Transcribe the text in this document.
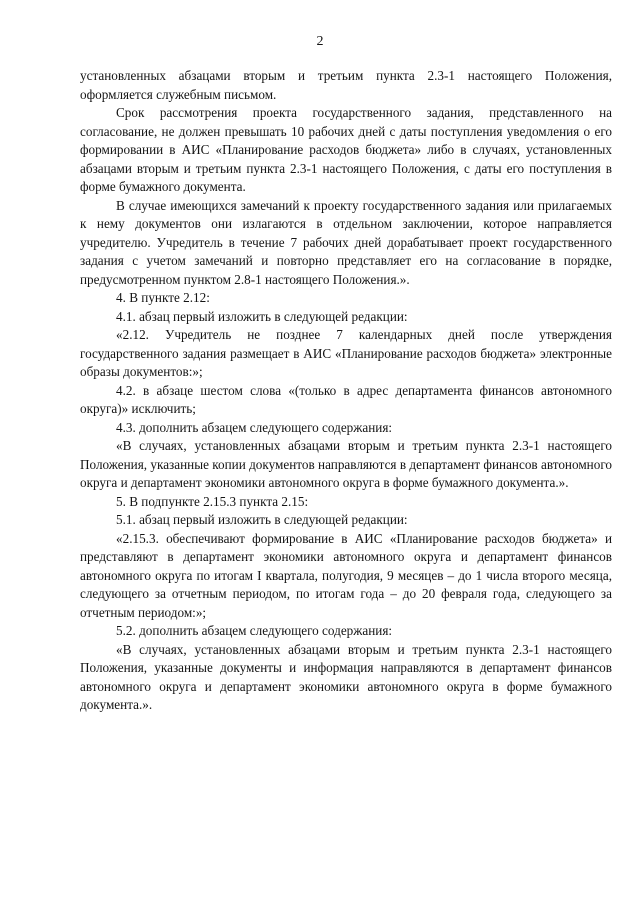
2

установленных абзацами вторым и третьим пункта 2.3-1 настоящего Положения, оформляется служебным письмом.

Срок рассмотрения проекта государственного задания, представленного на согласование, не должен превышать 10 рабочих дней с даты поступления уведомления о его формировании в АИС «Планирование расходов бюджета» либо в случаях, установленных абзацами вторым и третьим пункта 2.3-1 настоящего Положения, с даты его поступления в форме бумажного документа.

В случае имеющихся замечаний к проекту государственного задания или прилагаемых к нему документов они излагаются в отдельном заключении, которое направляется учредителю. Учредитель в течение 7 рабочих дней дорабатывает проект государственного задания с учетом замечаний и повторно представляет его на согласование в порядке, предусмотренном пунктом 2.8-1 настоящего Положения.».

4. В пункте 2.12:

4.1. абзац первый изложить в следующей редакции:

«2.12. Учредитель не позднее 7 календарных дней после утверждения государственного задания размещает в АИС «Планирование расходов бюджета» электронные образы документов:»;

4.2. в абзаце шестом слова «(только в адрес департамента финансов автономного округа)» исключить;

4.3. дополнить абзацем следующего содержания:

«В случаях, установленных абзацами вторым и третьим пункта 2.3-1 настоящего Положения, указанные копии документов направляются в департамент финансов автономного округа и департамент экономики автономного округа в форме бумажного документа.».

5. В подпункте 2.15.3 пункта 2.15:

5.1. абзац первый изложить в следующей редакции:

«2.15.3. обеспечивают формирование в АИС «Планирование расходов бюджета» и представляют в департамент экономики автономного округа и департамент финансов автономного округа по итогам I квартала, полугодия, 9 месяцев – до 1 числа второго месяца, следующего за отчетным периодом, по итогам года – до 20 февраля года, следующего за отчетным периодом:»;

5.2. дополнить абзацем следующего содержания:

«В случаях, установленных абзацами вторым и третьим пункта 2.3-1 настоящего Положения, указанные документы и информация направляются в департамент финансов автономного округа и департамент экономики автономного округа в форме бумажного документа.».
